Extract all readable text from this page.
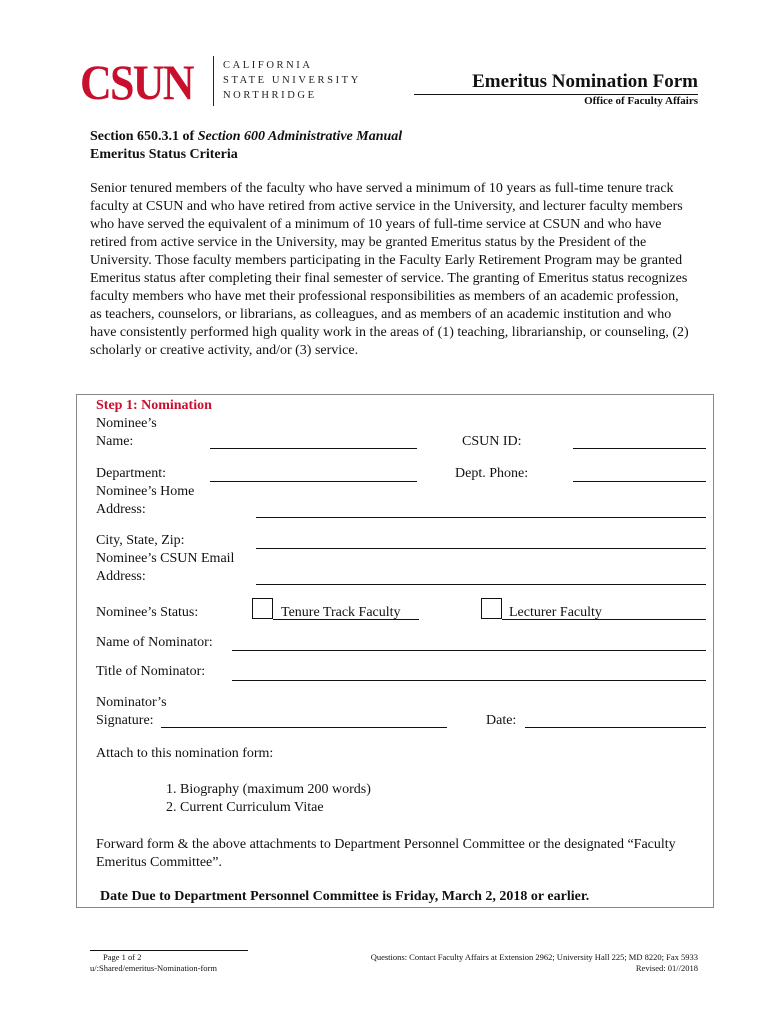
CSUN	CALIFORNIA
STATE UNIVERSITY
NORTHRIDGE
Emeritus Nomination Form
Office of Faculty Affairs
Section 650.3.1 of Section 600 Administrative Manual
Emeritus Status Criteria
Senior tenured members of the faculty who have served a minimum of 10 years as full-time tenure track faculty at CSUN and who have retired from active service in the University, and lecturer faculty members who have served the equivalent of a minimum of 10 years of full-time service at CSUN and who have retired from active service in the University, may be granted Emeritus status by the President of the University. Those faculty members participating in the Faculty Early Retirement Program may be granted Emeritus status after completing their final semester of service. The granting of Emeritus status recognizes faculty members who have met their professional responsibilities as members of an academic profession, as teachers, counselors, or librarians, as colleagues, and as members of an academic institution and who have consistently performed high quality work in the areas of (1) teaching, librarianship, or counseling, (2) scholarly or creative activity, and/or (3) service.
Step 1: Nomination
Nominee’s
Name:	CSUN ID:
Department:	Dept. Phone:
Nominee’s Home
Address:
City, State, Zip:
Nominee’s CSUN Email
Address:
Nominee’s Status:	Tenure Track Faculty	Lecturer Faculty
Name of Nominator:
Title of Nominator:
Nominator’s
Signature:	Date:
Attach to this nomination form:
1. Biography (maximum 200 words)
2. Current Curriculum Vitae
Forward form & the above attachments to Department Personnel Committee or the designated “Faculty Emeritus Committee”.
Date Due to Department Personnel Committee is Friday, March 2, 2018 or earlier.
Page 1 of 2
u/:Shared/emeritus-Nomination-form
Questions: Contact Faculty Affairs at Extension 2962; University Hall 225; MD 8220; Fax 5933
Revised: 01//2018
